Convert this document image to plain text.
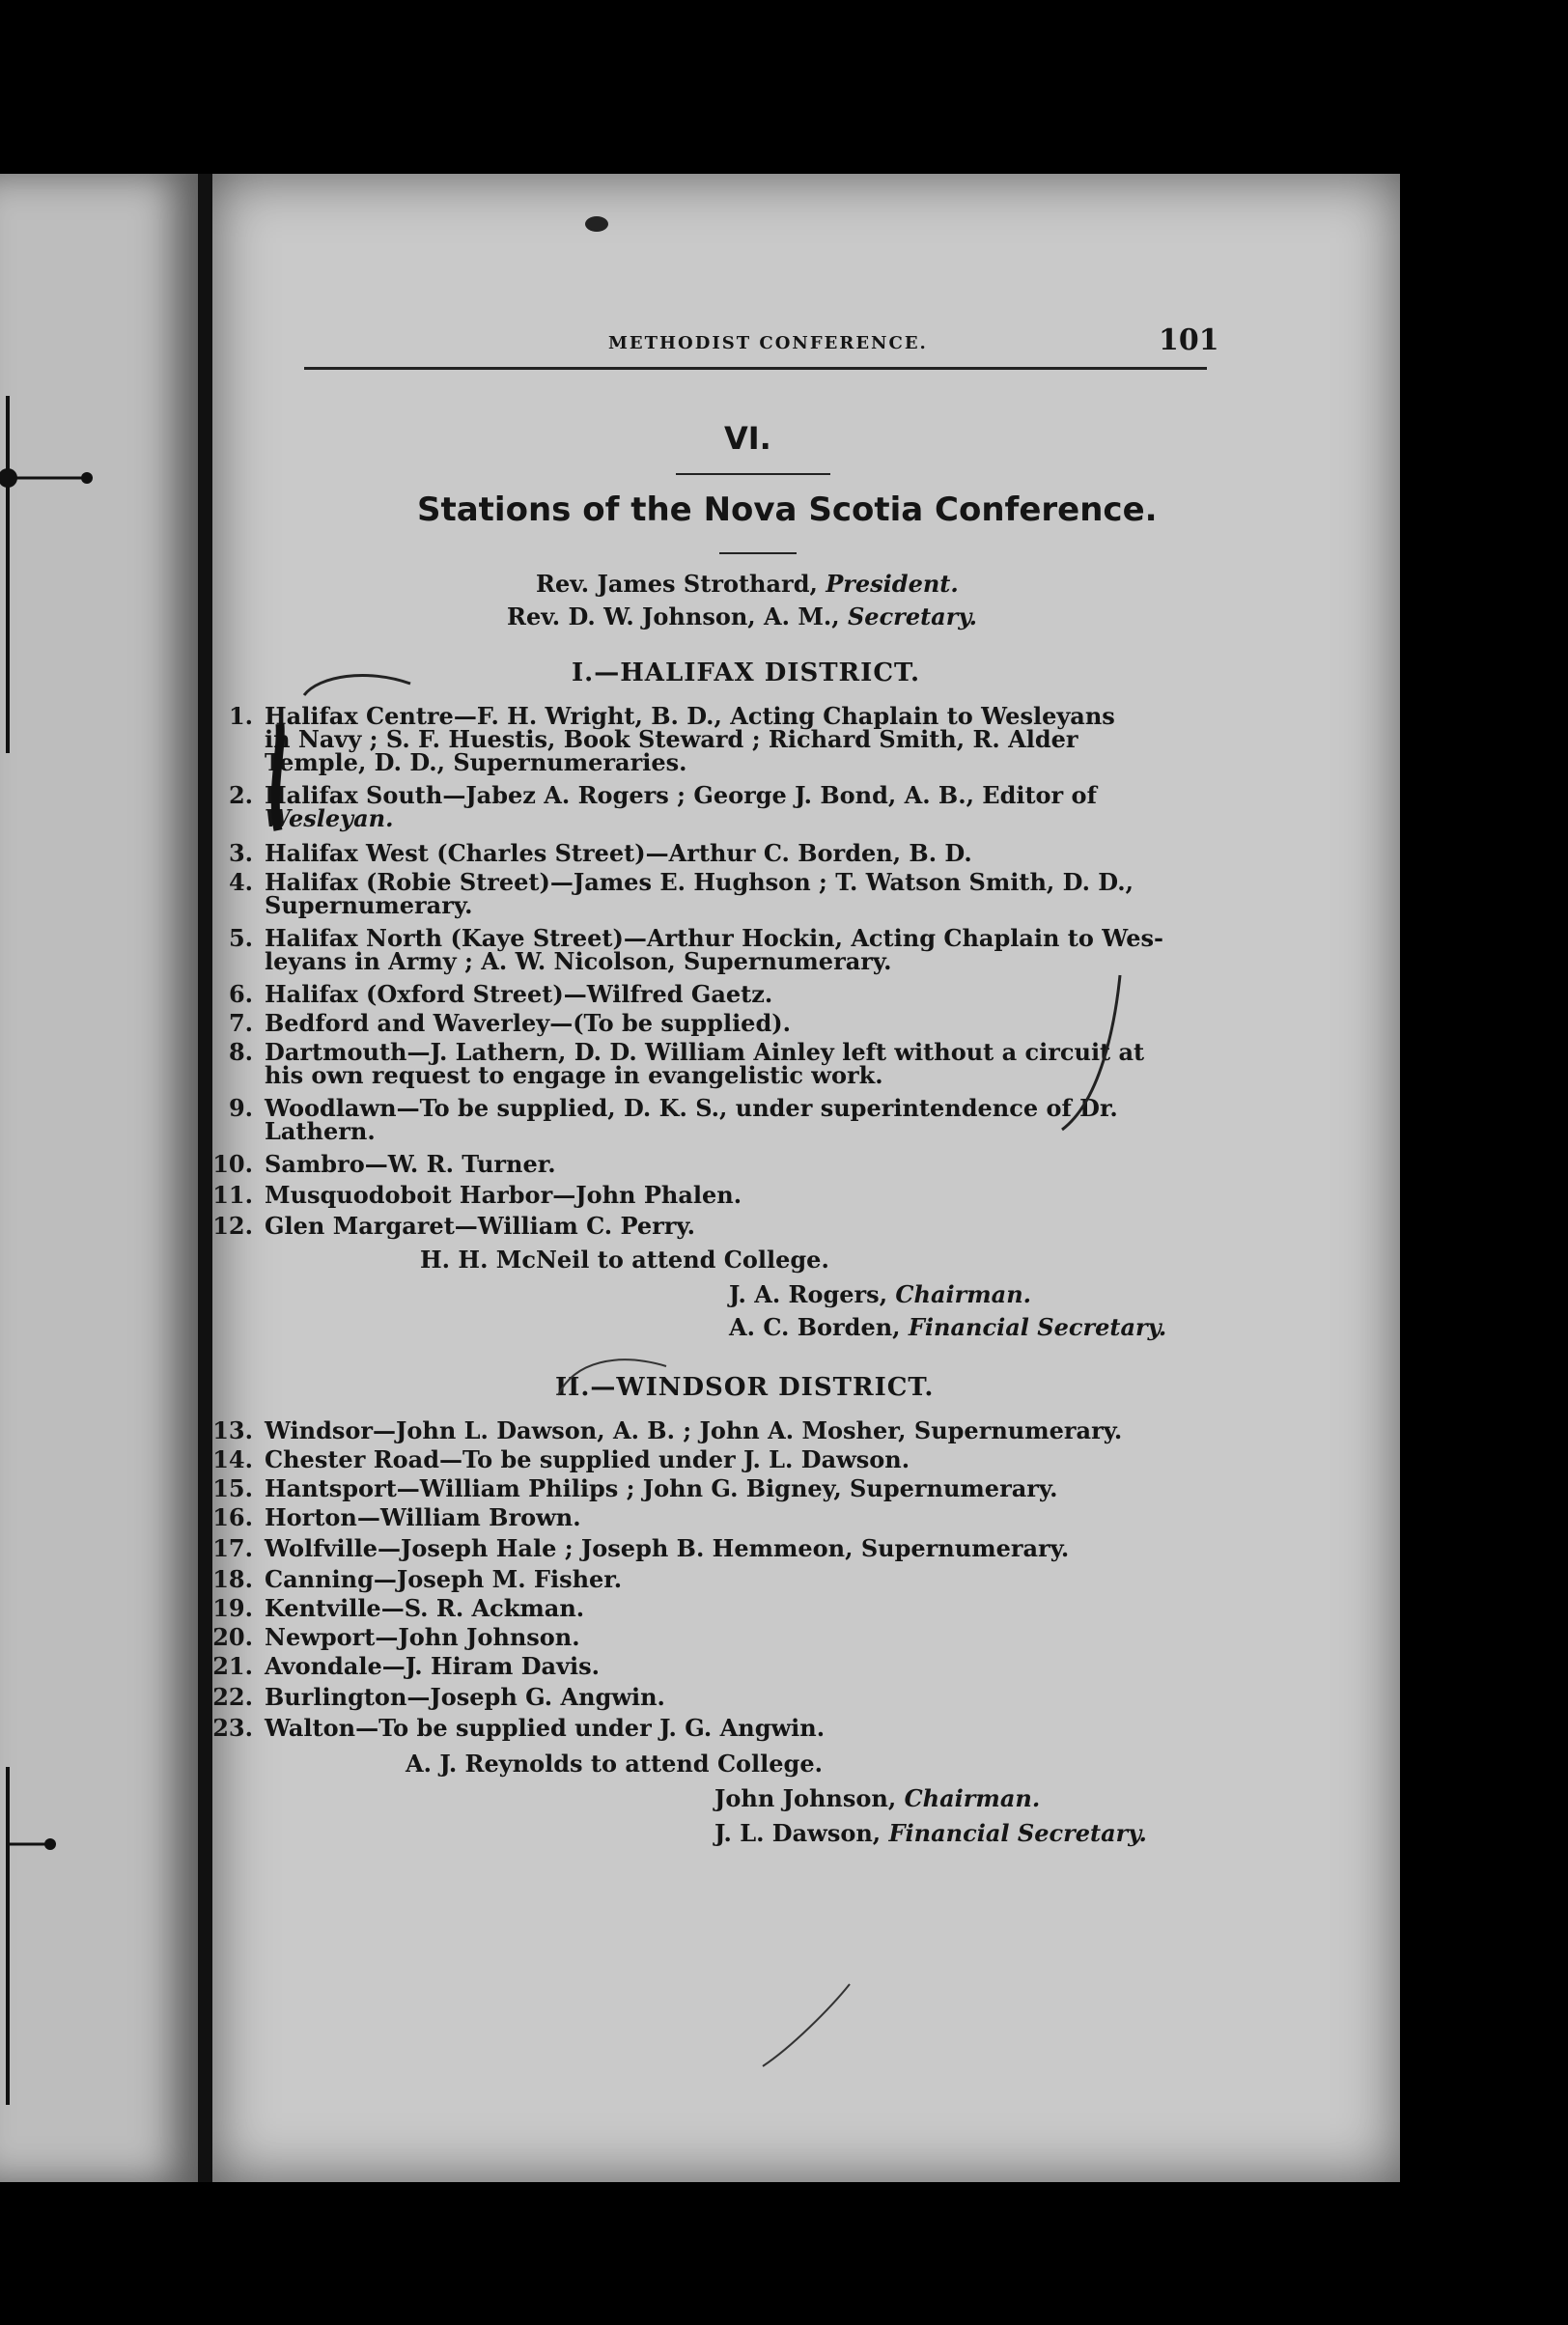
METHODIST CONFERENCE.	101
VI.
Stations of the Nova Scotia Conference.
Rev. James Strothard, President.
Rev. D. W. Johnson, A. M., Secretary.
I.—HALIFAX DISTRICT.
1. Halifax Centre—F. H. Wright, B. D., Acting Chaplain to Wesleyans
in Navy ; S. F. Huestis, Book Steward ; Richard Smith, R. Alder
Temple, D. D., Supernumeraries.
2. Halifax South—Jabez A. Rogers ; George J. Bond, A. B., Editor of
Wesleyan.
3. Halifax West (Charles Street)—Arthur C. Borden, B. D.
4. Halifax (Robie Street)—James E. Hughson ; T. Watson Smith, D. D.,
Supernumerary.
5. Halifax North (Kaye Street)—Arthur Hockin, Acting Chaplain to Wes-
leyans in Army ; A. W. Nicolson, Supernumerary.
6. Halifax (Oxford Street)—Wilfred Gaetz.
7. Bedford and Waverley—(To be supplied).
8. Dartmouth—J. Lathern, D. D. William Ainley left without a circuit at
his own request to engage in evangelistic work.
9. Woodlawn—To be supplied, D. K. S., under superintendence of Dr.
Lathern.
10. Sambro—W. R. Turner.
11. Musquodoboit Harbor—John Phalen.
12. Glen Margaret—William C. Perry.
H. H. McNeil to attend College.
J. A. Rogers, Chairman.
A. C. Borden, Financial Secretary.
II.—WINDSOR DISTRICT.
13. Windsor—John L. Dawson, A. B. ; John A. Mosher, Supernumerary.
14. Chester Road—To be supplied under J. L. Dawson.
15. Hantsport—William Philips ; John G. Bigney, Supernumerary.
16. Horton—William Brown.
17. Wolfville—Joseph Hale ; Joseph B. Hemmeon, Supernumerary.
18. Canning—Joseph M. Fisher.
19. Kentville—S. R. Ackman.
20. Newport—John Johnson.
21. Avondale—J. Hiram Davis.
22. Burlington—Joseph G. Angwin.
23. Walton—To be supplied under J. G. Angwin.
A. J. Reynolds to attend College.
John Johnson, Chairman.
J. L. Dawson, Financial Secretary.
